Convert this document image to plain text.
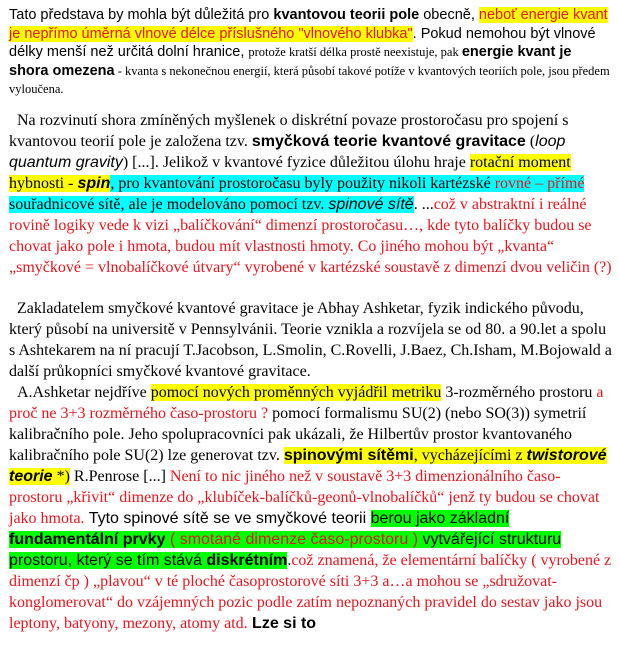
Tato představa by mohla být důležitá pro kvantovou teorii pole obecně, neboť energie kvant je nepřímo úměrná vlnové délce příslušného "vlnového klubka". Pokud nemohou být vlnové délky menší než určitá dolní hranice, protože kratší délka prostě neexistuje, pak energie kvant je shora omezena - kvanta s nekonečnou energií, která působí takové potíže v kvantových teoriích pole, jsou předem vyloučena.
Na rozvinutí shora zmíněných myšlenek o diskrétní povaze prostoročasu pro spojení s kvantovou teorií pole je založena tzv. smyčková teorie kvantové gravitace (loop quantum gravity) [...]. Jelikož v kvantové fyzice důležitou úlohu hraje rotační moment hybnosti - spin, pro kvantování prostoročasu byly použity nikoli kartézské rovné – přímé souřadnicové sítě, ale je modelováno pomocí tzv. spinové sítě. ...což v abstraktní i reálné rovině logiky vede k vizi „balíčkování“ dimenzí prostoročasu…, kde tyto balíčky budou se chovat jako pole i hmota, budou mít vlastnosti hmoty. Co jiného mohou být „kvanta“ „smyčkové = vlnobalíčkové útvary“ vyrobené v kartézské soustavě z dimenzí dvou veličin (?)
Zakladatelem smyčkové kvantové gravitace je Abhay Ashketar, fyzik indického původu, který působí na universitě v Pennsylvánii. Teorie vznikla a rozvíjela se od 80. a 90.let a spolu s Ashtekarem na ní pracují T.Jacobson, L.Smolin, C.Rovelli, J.Baez, Ch.Isham, M.Bojowald a další průkopníci smyčkové kvantové gravitace.
A.Ashketar nejdříve pomocí nových proměnných vyjádřil metriku 3-rozměrného prostoru a proč ne 3+3 rozměrného časo-prostoru ? pomocí formalismu SU(2) (nebo SO(3)) symetrií kalibračního pole. Jeho spolupracovníci pak ukázali, že Hilbertův prostor kvantovaného kalibračního pole SU(2) lze generovat tzv. spinovými sítěmi, vycházejícími z twistorové teorie *) R.Penrose [...] Není to nic jiného než v soustavě 3+3 dimenzionálního časo-prostoru „křivit“ dimenze do „klubíček-balíčků-geonů-vlnobalíčků“ jenž ty budou se chovat jako hmota. Tyto spinové sítě se ve smyčkové teorii berou jako základní fundamentální prvky ( smotané dimenze časo-prostoru ) vytvářející strukturu prostoru, který se tím stává diskrétním.což znamená, že elementární balíčky ( vyrobené z dimenzí čp ) „plavou“ v té ploché časoprostorové síti 3+3 a…a mohou se „sdružovat-konglomerovat“ do vzájemných pozic podle zatím nepoznaných pravidel do sestav jako jsou leptony, batyony, mezony, atomy atd. Lze si to
